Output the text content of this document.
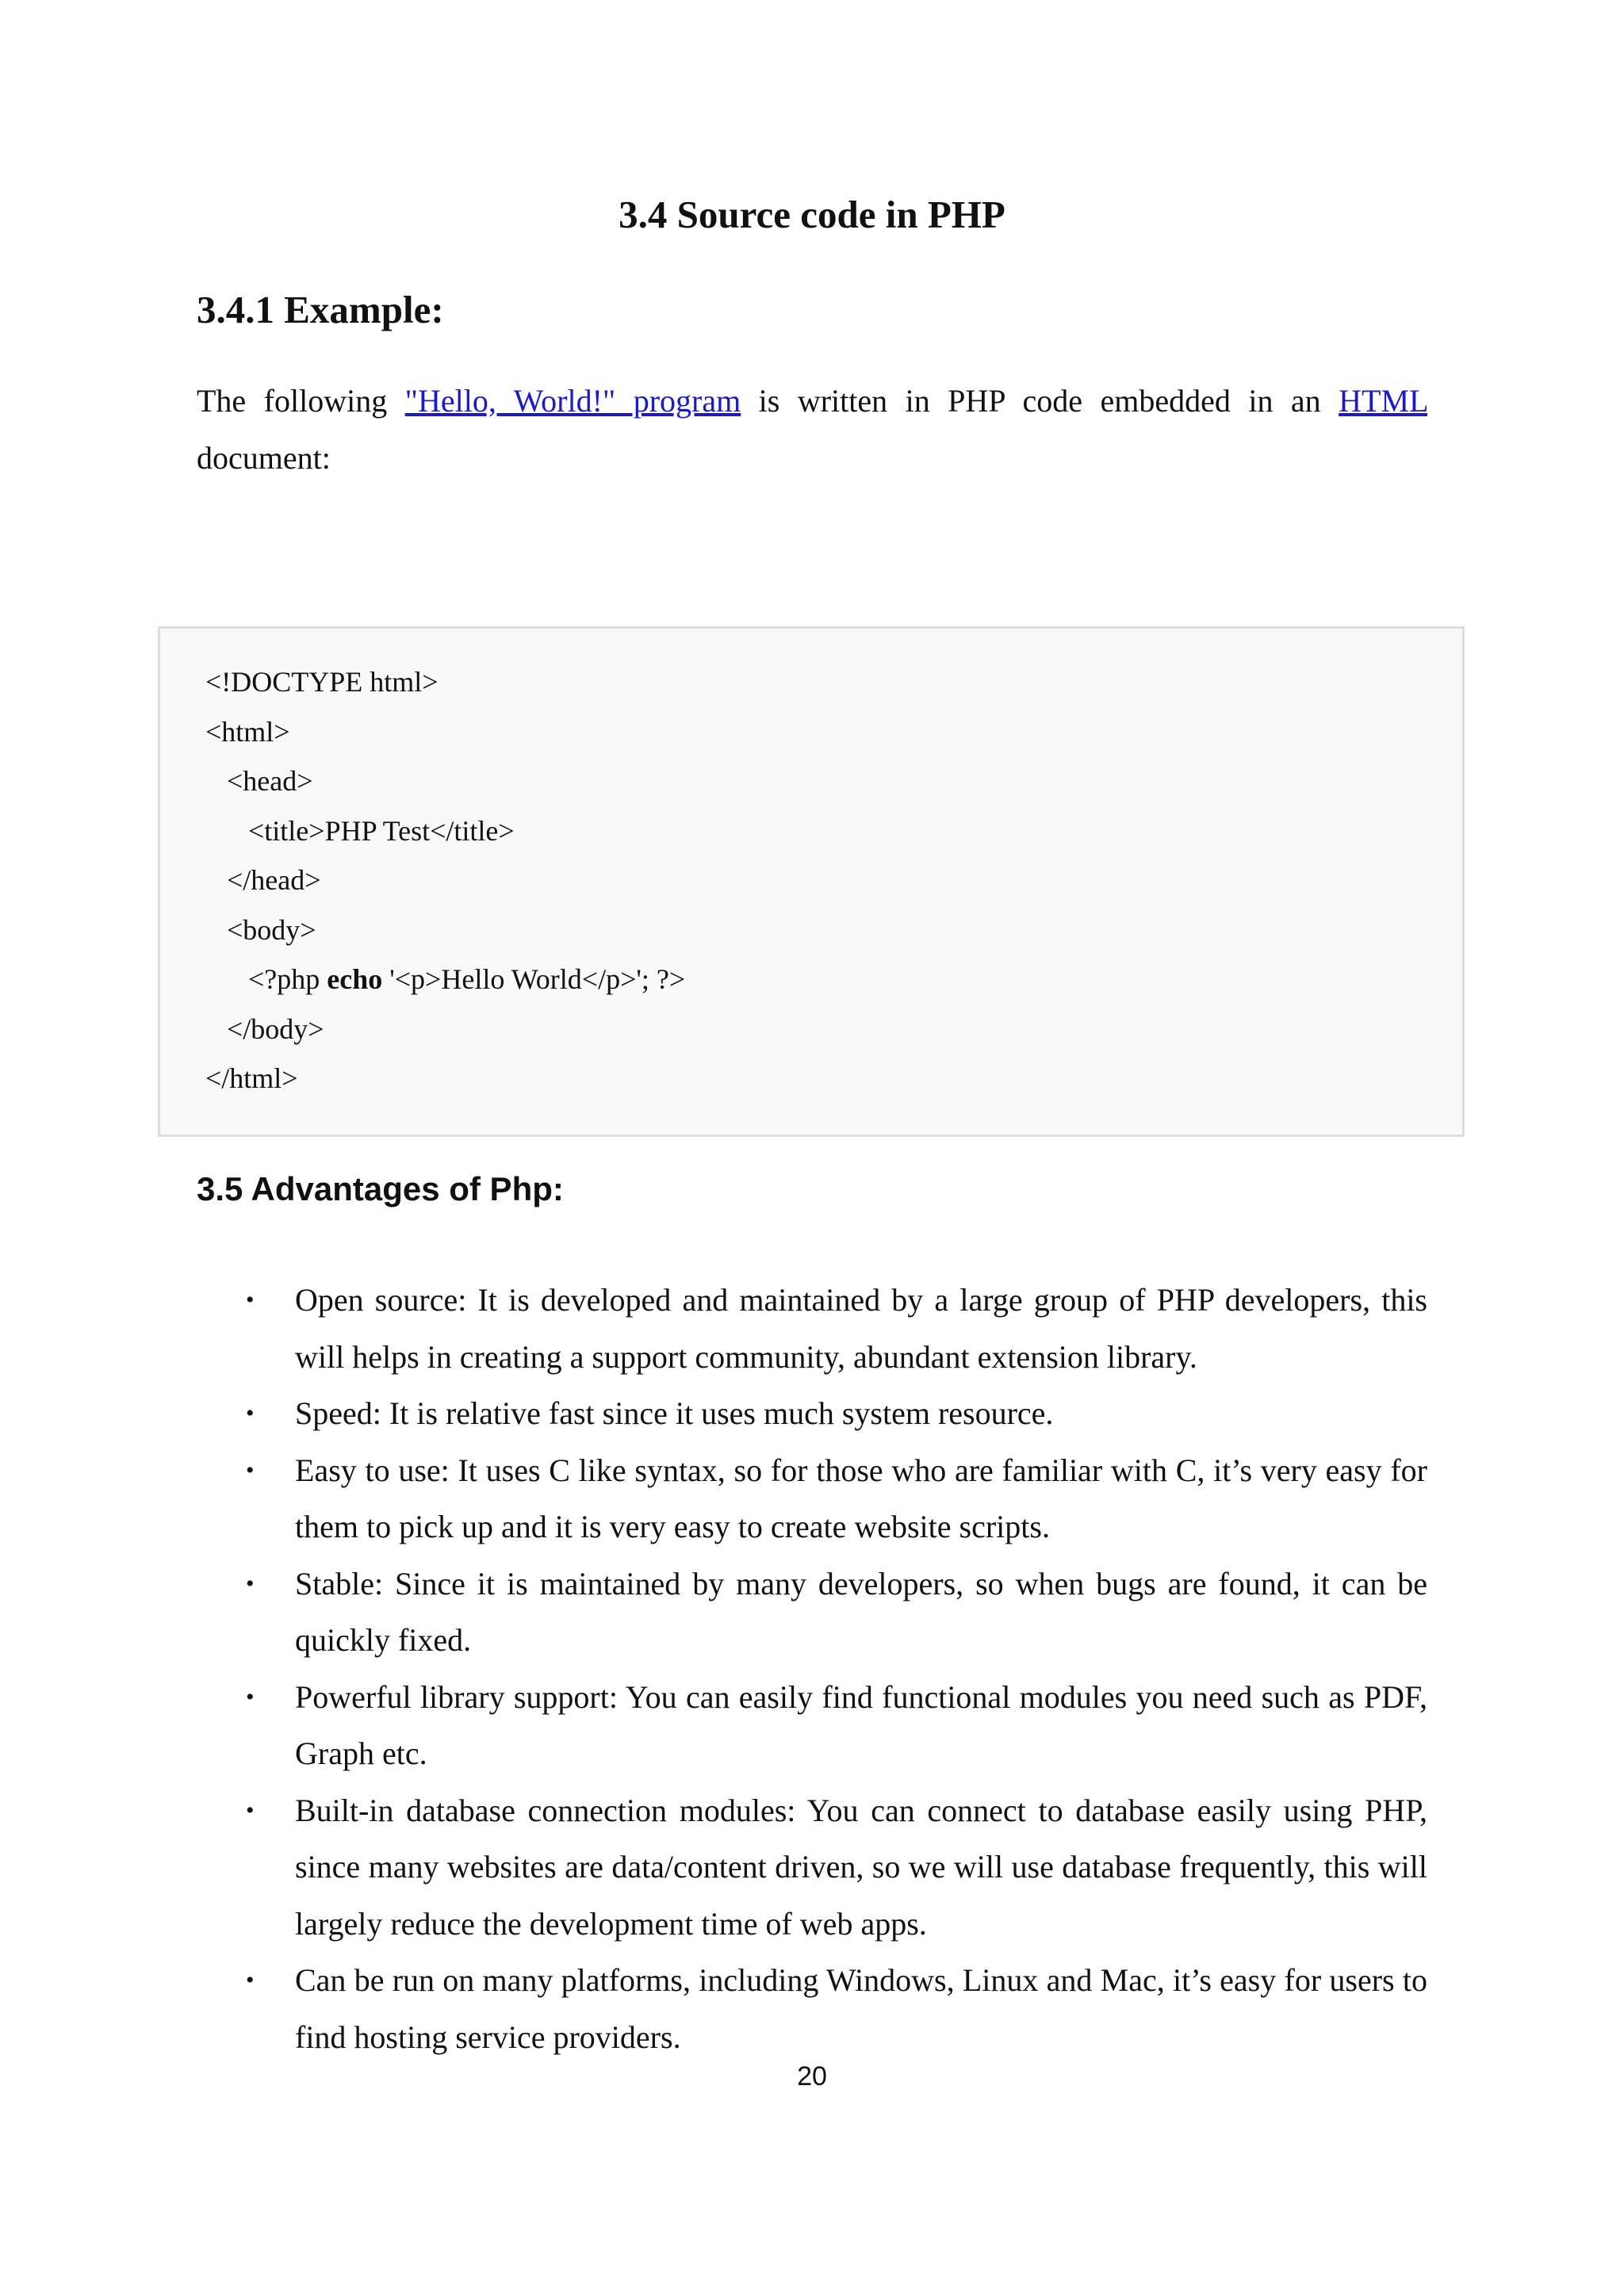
3.4 Source code in PHP
3.4.1 Example:

The following "Hello, World!" program is written in PHP code embedded in an HTML document:

<!DOCTYPE html>
<html>
<head>
<title>PHP Test</title>
</head>
<body>
<?php echo '<p>Hello World</p>'; ?>
</body>
</html>
3.5 Advantages of Php:
• Open source: It is developed and maintained by a large group of PHP developers, this will helps in creating a support community, abundant extension library.
• Speed: It is relative fast since it uses much system resource.
• Easy to use: It uses C like syntax, so for those who are familiar with C, it’s very easy for them to pick up and it is very easy to create website scripts.
• Stable: Since it is maintained by many developers, so when bugs are found, it can be quickly fixed.
• Powerful library support: You can easily find functional modules you need such as PDF, Graph etc.
• Built-in database connection modules: You can connect to database easily using PHP, since many websites are data/content driven, so we will use database frequently, this will largely reduce the development time of web apps.
• Can be run on many platforms, including Windows, Linux and Mac, it’s easy for users to find hosting service providers.
20
